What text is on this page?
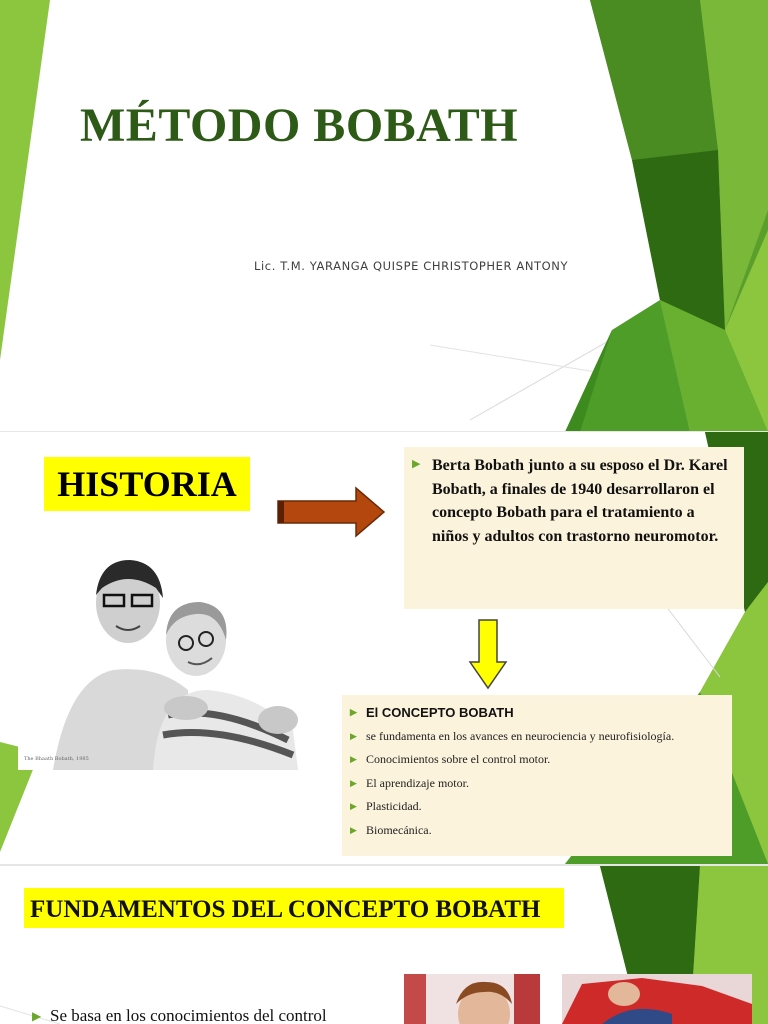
MÉTODO BOBATH
Lic. T.M. YARANGA QUISPE CHRISTOPHER ANTONY
HISTORIA
The Bhaath Bobath, 1985
▶ Berta Bobath junto a su esposo el Dr. Karel Bobath, a finales de 1940 desarrollaron el concepto Bobath para el tratamiento a niños y adultos con trastorno neuromotor.
▶ El CONCEPTO BOBATH
▶ se fundamenta en los avances en neurociencia y neurofisiología.
▶ Conocimientos sobre el control motor.
▶ El aprendizaje motor.
▶ Plasticidad.
▶ Biomecánica.
FUNDAMENTOS DEL CONCEPTO BOBATH
▶ Se basa en los conocimientos del control
